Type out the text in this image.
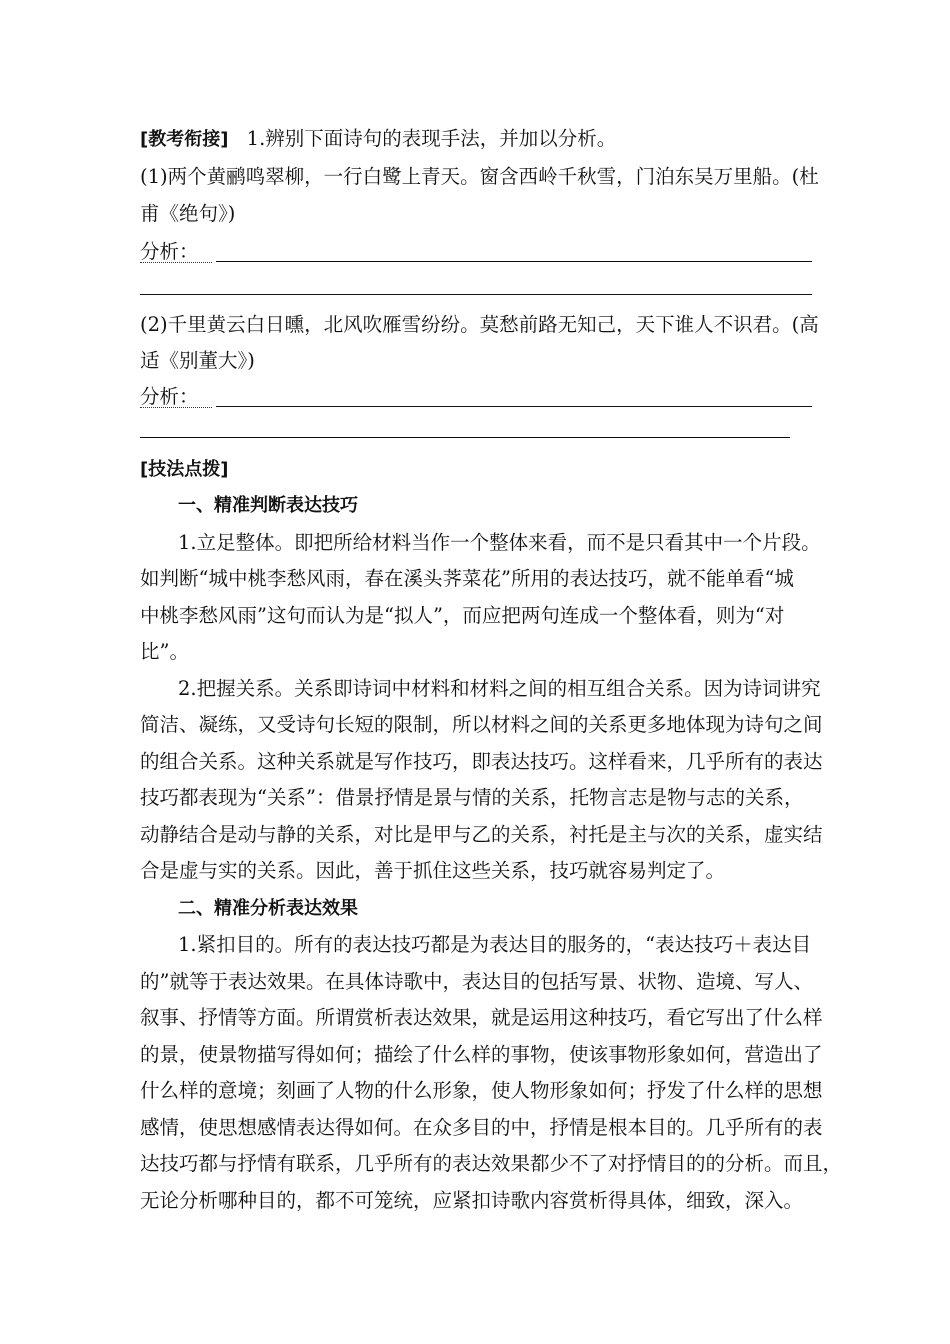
[教考衔接] 1.辨别下面诗句的表现手法，并加以分析。
(1)两个黄鹂鸣翠柳，一行白鹭上青天。窗含西岭千秋雪，门泊东吴万里船。(杜
甫《绝句》)
分析：
(2)千里黄云白日曛，北风吹雁雪纷纷。莫愁前路无知己，天下谁人不识君。(高
适《别董大》)
分析：
[技法点拨]
一、精准判断表达技巧
1.立足整体。即把所给材料当作一个整体来看，而不是只看其中一个片段。
如判断“城中桃李愁风雨，春在溪头荠菜花”所用的表达技巧，就不能单看“城
中桃李愁风雨”这句而认为是“拟人”，而应把两句连成一个整体看，则为“对
比”。
2.把握关系。关系即诗词中材料和材料之间的相互组合关系。因为诗词讲究
简洁、凝练，又受诗句长短的限制，所以材料之间的关系更多地体现为诗句之间
的组合关系。这种关系就是写作技巧，即表达技巧。这样看来，几乎所有的表达
技巧都表现为“关系”：借景抒情是景与情的关系，托物言志是物与志的关系，
动静结合是动与静的关系，对比是甲与乙的关系，衬托是主与次的关系，虚实结
合是虚与实的关系。因此，善于抓住这些关系，技巧就容易判定了。
二、精准分析表达效果
1.紧扣目的。所有的表达技巧都是为表达目的服务的，“表达技巧＋表达目
的”就等于表达效果。在具体诗歌中，表达目的包括写景、状物、造境、写人、
叙事、抒情等方面。所谓赏析表达效果，就是运用这种技巧，看它写出了什么样
的景，使景物描写得如何；描绘了什么样的事物，使该事物形象如何，营造出了
什么样的意境；刻画了人物的什么形象，使人物形象如何；抒发了什么样的思想
感情，使思想感情表达得如何。在众多目的中，抒情是根本目的。几乎所有的表
达技巧都与抒情有联系，几乎所有的表达效果都少不了对抒情目的的分析。而且，
无论分析哪种目的，都不可笼统，应紧扣诗歌内容赏析得具体，细致，深入。
